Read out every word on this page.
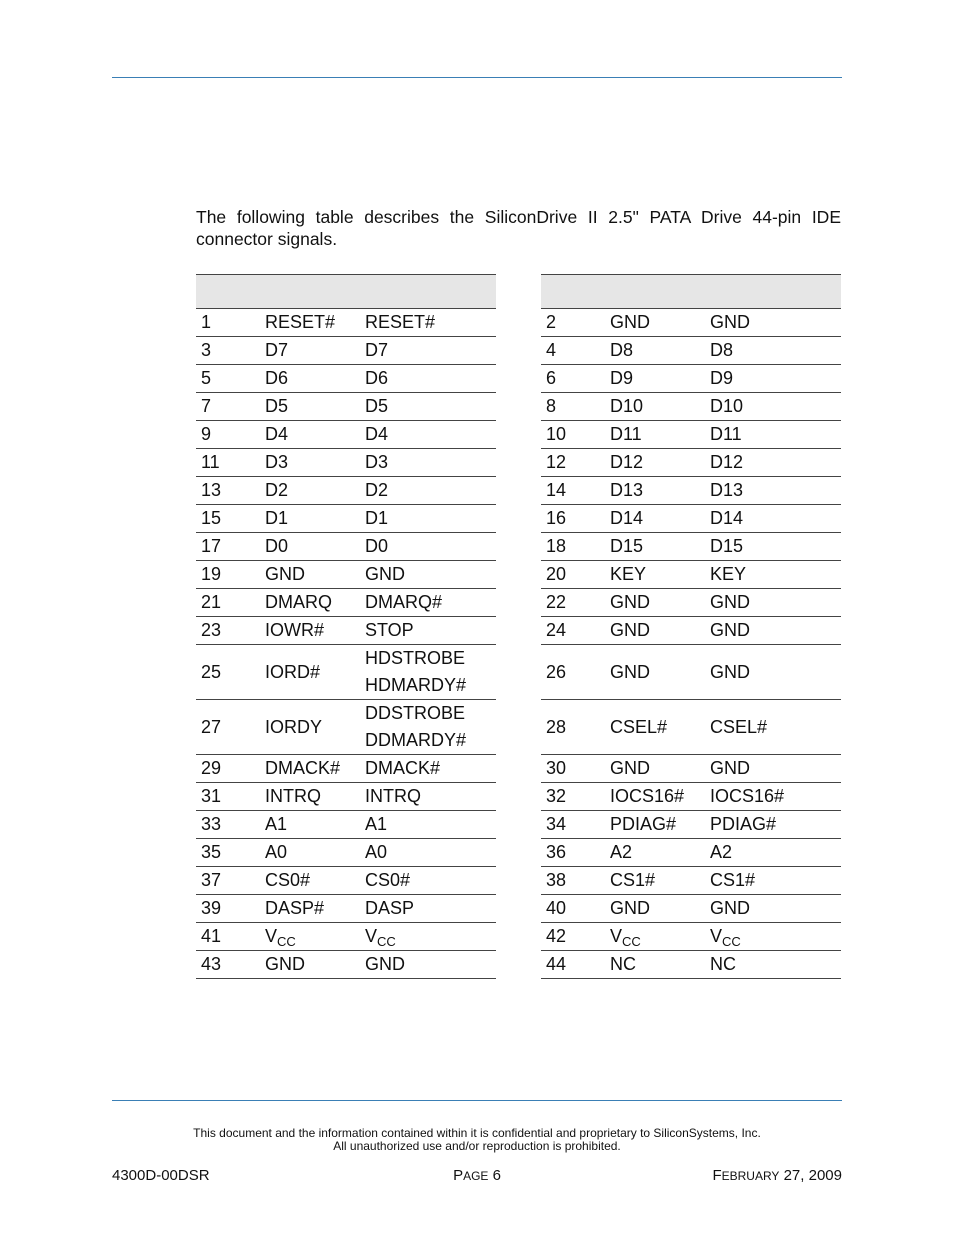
The following table describes the SiliconDrive II 2.5" PATA Drive 44-pin IDE connector signals.

1	RESET#	RESET#
3	D7	D7
5	D6	D6
7	D5	D5
9	D4	D4
11	D3	D3
13	D2	D2
15	D1	D1
17	D0	D0
19	GND	GND
21	DMARQ	DMARQ#
23	IOWR#	STOP
25	IORD#	HDSTROBE
HDMARDY#

27	IORDY	DDSTROBE
DDMARDY#

29	DMACK#	DMACK#
31	INTRQ	INTRQ
33	A1	A1
35	A0	A0
37	CS0#	CS0#
39	DASP#	DASP
41	$V_{CC}$	$V_{CC}$
43	GND	GND

2	GND	GND
4	D8	D8
6	D9	D9
8	D10	D10
10	D11	D11
12	D12	D12
14	D13	D13
16	D14	D14
18	D15	D15
20	KEY	KEY
22	GND	GND
24	GND	GND
26	GND	GND
28	CSEL#	CSEL#
30	GND	GND
32	IOCS16#	IOCS16#
34	PDIAG#	PDIAG#
36	A2	A2
38	CS1#	CS1#
40	GND	GND
42	$V_{CC}$	$V_{CC}$
44	NC	NC
This document and the information contained within it is confidential and proprietary to SiliconSystems, Inc.
All unauthorized use and/or reproduction is prohibited.
4300D-00DSR	PAGE 6	FEBRUARY 27, 2009
